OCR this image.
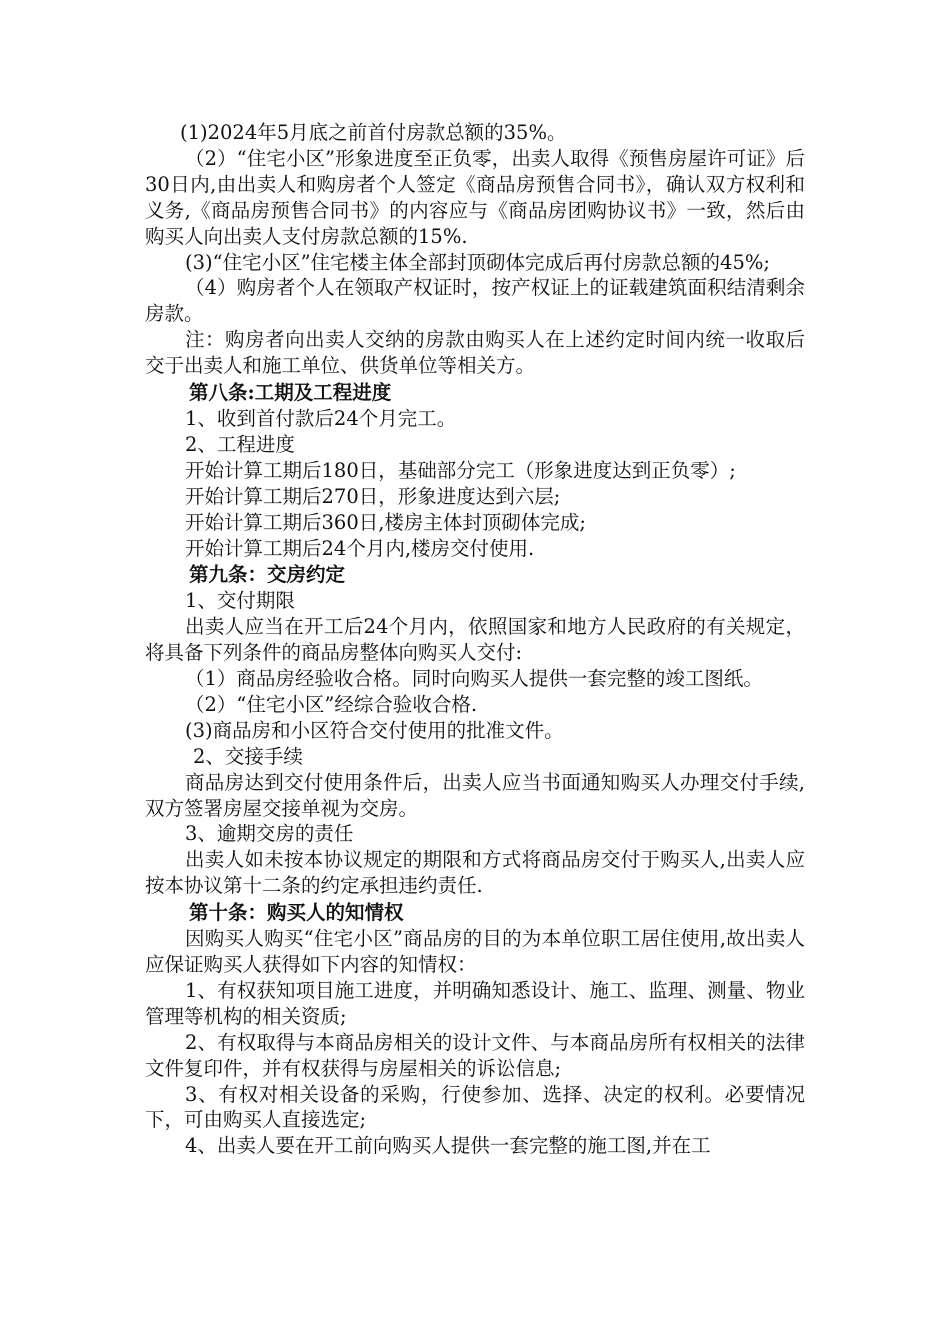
(1)2024年5月底之前首付房款总额的35%。

（2）“住宅小区”形象进度至正负零，出卖人取得《预售房屋许可证》后30日内,由出卖人和购房者个人签定《商品房预售合同书》，确认双方权利和义务,《商品房预售合同书》的内容应与《商品房团购协议书》一致，然后由购买人向出卖人支付房款总额的15%.

(3)“住宅小区”住宅楼主体全部封顶砌体完成后再付房款总额的45%;

（4）购房者个人在领取产权证时，按产权证上的证载建筑面积结清剩余房款。

注：购房者向出卖人交纳的房款由购买人在上述约定时间内统一收取后交于出卖人和施工单位、供货单位等相关方。

第八条:工期及工程进度

1、收到首付款后24个月完工。

2、工程进度

开始计算工期后180日，基础部分完工（形象进度达到正负零）;

开始计算工期后270日，形象进度达到六层;

开始计算工期后360日,楼房主体封顶砌体完成;

开始计算工期后24个月内,楼房交付使用.

第九条：交房约定

1、交付期限

出卖人应当在开工后24个月内，依照国家和地方人民政府的有关规定，将具备下列条件的商品房整体向购买人交付:

（1）商品房经验收合格。同时向购买人提供一套完整的竣工图纸。

（2）“住宅小区”经综合验收合格.

(3)商品房和小区符合交付使用的批准文件。

2、交接手续

商品房达到交付使用条件后，出卖人应当书面通知购买人办理交付手续,双方签署房屋交接单视为交房。

3、逾期交房的责任

出卖人如未按本协议规定的期限和方式将商品房交付于购买人,出卖人应按本协议第十二条的约定承担违约责任.

第十条：购买人的知情权

因购买人购买“住宅小区”商品房的目的为本单位职工居住使用,故出卖人应保证购买人获得如下内容的知情权：

1、有权获知项目施工进度，并明确知悉设计、施工、监理、测量、物业管理等机构的相关资质;

2、有权取得与本商品房相关的设计文件、与本商品房所有权相关的法律文件复印件，并有权获得与房屋相关的诉讼信息;

3、有权对相关设备的采购，行使参加、选择、决定的权利。必要情况下，可由购买人直接选定;

4、出卖人要在开工前向购买人提供一套完整的施工图,并在工
